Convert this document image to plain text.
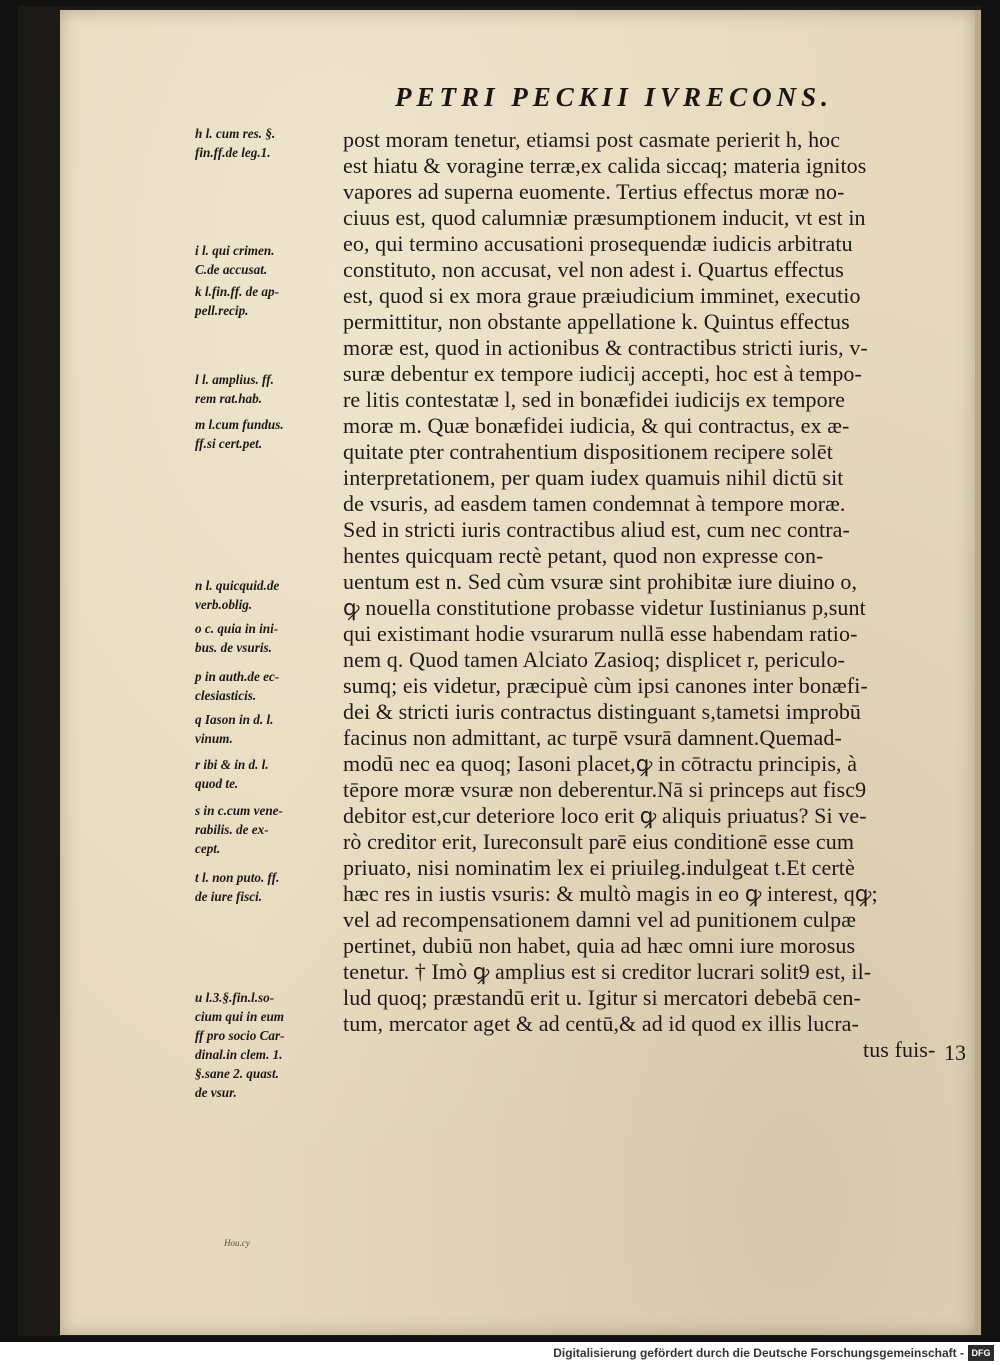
PETRI PECKII IVRECONS.
h l. cum res. §.
fin.ff.de leg.1.
i l. qui crimen.
C.de accusat.
k l.fin.ff. de ap-
pell.recip.
l l. amplius. ff.
rem rat.hab.
m l.cum fundus.
ff.si cert.pet.
n l. quicquid.de
verb.oblig.
o c. quia in ini-
bus. de vsuris.
p in auth.de ec-
clesiasticis.
q Iason in d. l.
vinum.
r ibi & in d. l.
quod te.
s in c.cum vene-
rabilis. de ex-
cept.
t l. non puto. ff.
de iure fisci.
u l.3.§.fin.l.so-
cium qui in eum
ff pro socio Car-
dinal.in clem. 1.
§.sane 2. quast.
de vsur.
post moram tenetur, etiamsi post casmate perierit h, hoc
est hiatu & voragine terræ,ex calida siccaq; materia ignitos
vapores ad superna euomente. Tertius effectus moræ no-
ciuus est, quod calumniæ præsumptionem inducit, vt est in
eo, qui termino accusationi prosequendæ iudicis arbitratu
constituto, non accusat, vel non adest i. Quartus effectus
est, quod si ex mora graue præiudicium imminet, executio
permittitur, non obstante appellatione k. Quintus effectus
moræ est, quod in actionibus & contractibus stricti iuris, v-
suræ debentur ex tempore iudicij accepti, hoc est à tempo-
re litis contestatæ l, sed in bonæfidei iudicijs ex tempore
moræ m. Quæ bonæfidei iudicia, & qui contractus, ex æ-
quitate pter contrahentium dispositionem recipere solēt
interpretationem, per quam iudex quamuis nihil dictū sit
de vsuris, ad easdem tamen condemnat à tempore moræ.
Sed in stricti iuris contractibus aliud est, cum nec contra-
hentes quicquam rectè petant, quod non expresse con-
uentum est n. Sed cùm vsuræ sint prohibitæ iure diuino o,
ꝙ nouella constitutione probasse videtur Iustinianus p,sunt
qui existimant hodie vsurarum nullā esse habendam ratio-
nem q. Quod tamen Alciato Zasioq; displicet r, periculo-
sumq; eis videtur, præcipuè cùm ipsi canones inter bonæfi-
dei & stricti iuris contractus distinguant s,tametsi improbū
facinus non admittant, ac turpē vsurā damnent.Quemad-
modū nec ea quoq; Iasoni placet,ꝙ in cōtractu principis, à
tēpore moræ vsuræ non deberentur.Nā si princeps aut fisc9
debitor est,cur deteriore loco erit ꝙ aliquis priuatus? Si ve-
rò creditor erit, Iureconsult parē eius conditionē esse cum
priuato, nisi nominatim lex ei priuileg.indulgeat t.Et certè
hæc res in iustis vsuris: & multò magis in eo ꝙ interest, qꝙ;
vel ad recompensationem damni vel ad punitionem culpæ
pertinet, dubiū non habet, quia ad hæc omni iure morosus
tenetur. † Imò ꝙ amplius est si creditor lucrari solit9 est, il-
lud quoq; præstandū erit u. Igitur si mercatori debebā cen-
tum, mercator aget & ad centū,& ad id quod ex illis lucra-
tus fuis- 13
Hou.cy
Digitalisierung gefördert durch die Deutsche Forschungsgemeinschaft - DFG
